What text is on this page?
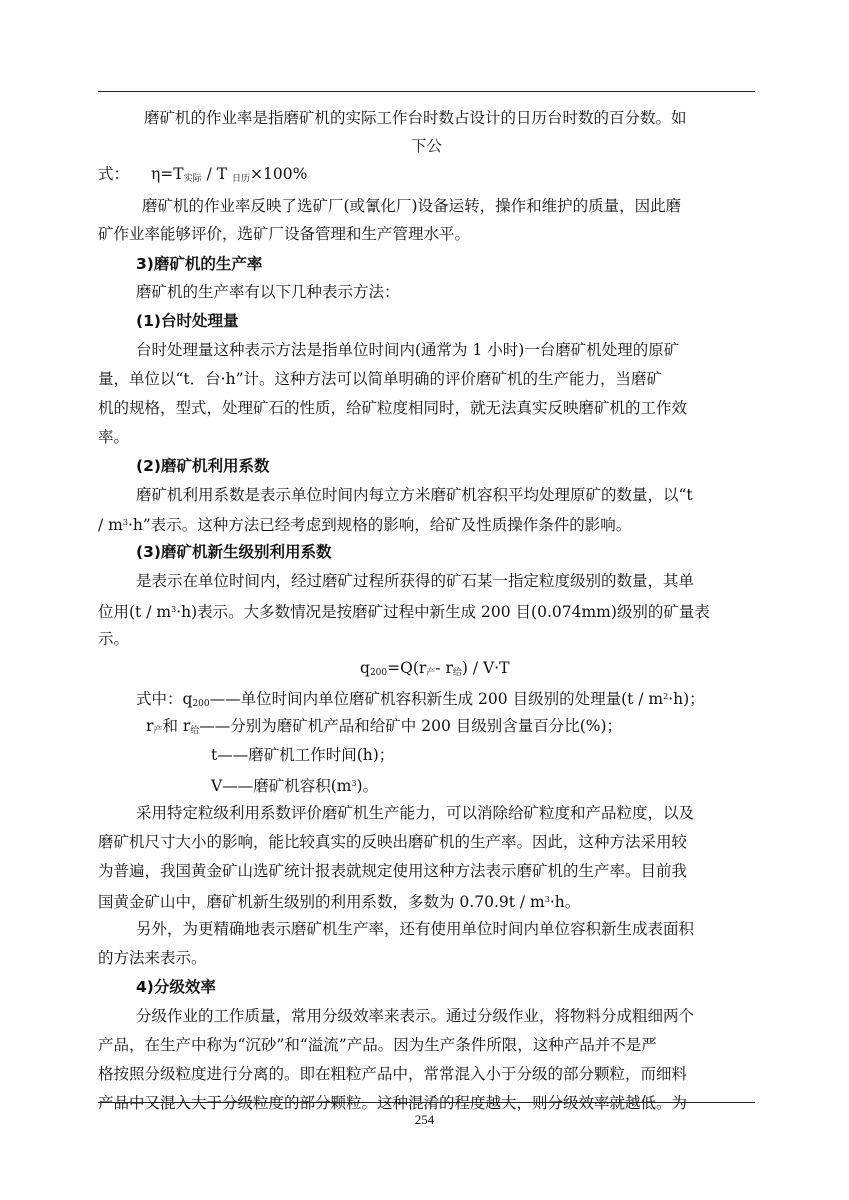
磨矿机的作业率是指磨矿机的实际工作台时数占设计的日历台时数的百分数。如
下公
式： $\eta=T_{实际} / T$ $_{日历}$×100%
磨矿机的作业率反映了选矿厂(或氰化厂)设备运转，操作和维护的质量，因此磨
矿作业率能够评价，选矿厂设备管理和生产管理水平。
3)磨矿机的生产率
磨矿机的生产率有以下几种表示方法：
(1)台时处理量
台时处理量这种表示方法是指单位时间内(通常为 1 小时)一台磨矿机处理的原矿
量，单位以“t．台·h”计。这种方法可以简单明确的评价磨矿机的生产能力，当磨矿
机的规格，型式，处理矿石的性质，给矿粒度相同时，就无法真实反映磨矿机的工作效
率。
(2)磨矿机利用系数
磨矿机利用系数是表示单位时间内每立方米磨矿机容积平均处理原矿的数量，以“t
/ $m^3\cdot h$”表示。这种方法已经考虑到规格的影响，给矿及性质操作条件的影响。
(3)磨矿机新生级别利用系数
是表示在单位时间内，经过磨矿过程所获得的矿石某一指定粒度级别的数量，其单
位用$(t / m^3\cdot h)$表示。大多数情况是按磨矿过程中新生成 200 目(0.074mm)级别的矿量表
示。
$q_{200}=Q(r_产-$ $r_给) / V\cdot T$
式中：$q_{200}——$单位时间内单位磨矿机容积新生成 200 目级别的处理量$(t / m^2\cdot h)$；
$r_产$和 $r_给——$分别为磨矿机产品和给矿中 200 目级别含量百分比(%)；
t——磨矿机工作时间(h)；
V——磨矿机容积$(m^3)$。
采用特定粒级利用系数评价磨矿机生产能力，可以消除给矿粒度和产品粒度，以及
磨矿机尺寸大小的影响，能比较真实的反映出磨矿机的生产率。因此，这种方法采用较
为普遍，我国黄金矿山选矿统计报表就规定使用这种方法表示磨矿机的生产率。目前我
国黄金矿山中，磨矿机新生级别的利用系数，多数为 $0.70.9t / m^3\cdot h$。
另外，为更精确地表示磨矿机生产率，还有使用单位时间内单位容积新生成表面积
的方法来表示。
4)分级效率
分级作业的工作质量，常用分级效率来表示。通过分级作业，将物料分成粗细两个
产品，在生产中称为“沉砂”和“溢流”产品。因为生产条件所限，这种产品并不是严
格按照分级粒度进行分离的。即在粗粒产品中，常常混入小于分级的部分颗粒，而细料
产品中又混入大于分级粒度的部分颗粒。这种混淆的程度越大，则分级效率就越低。为
254
